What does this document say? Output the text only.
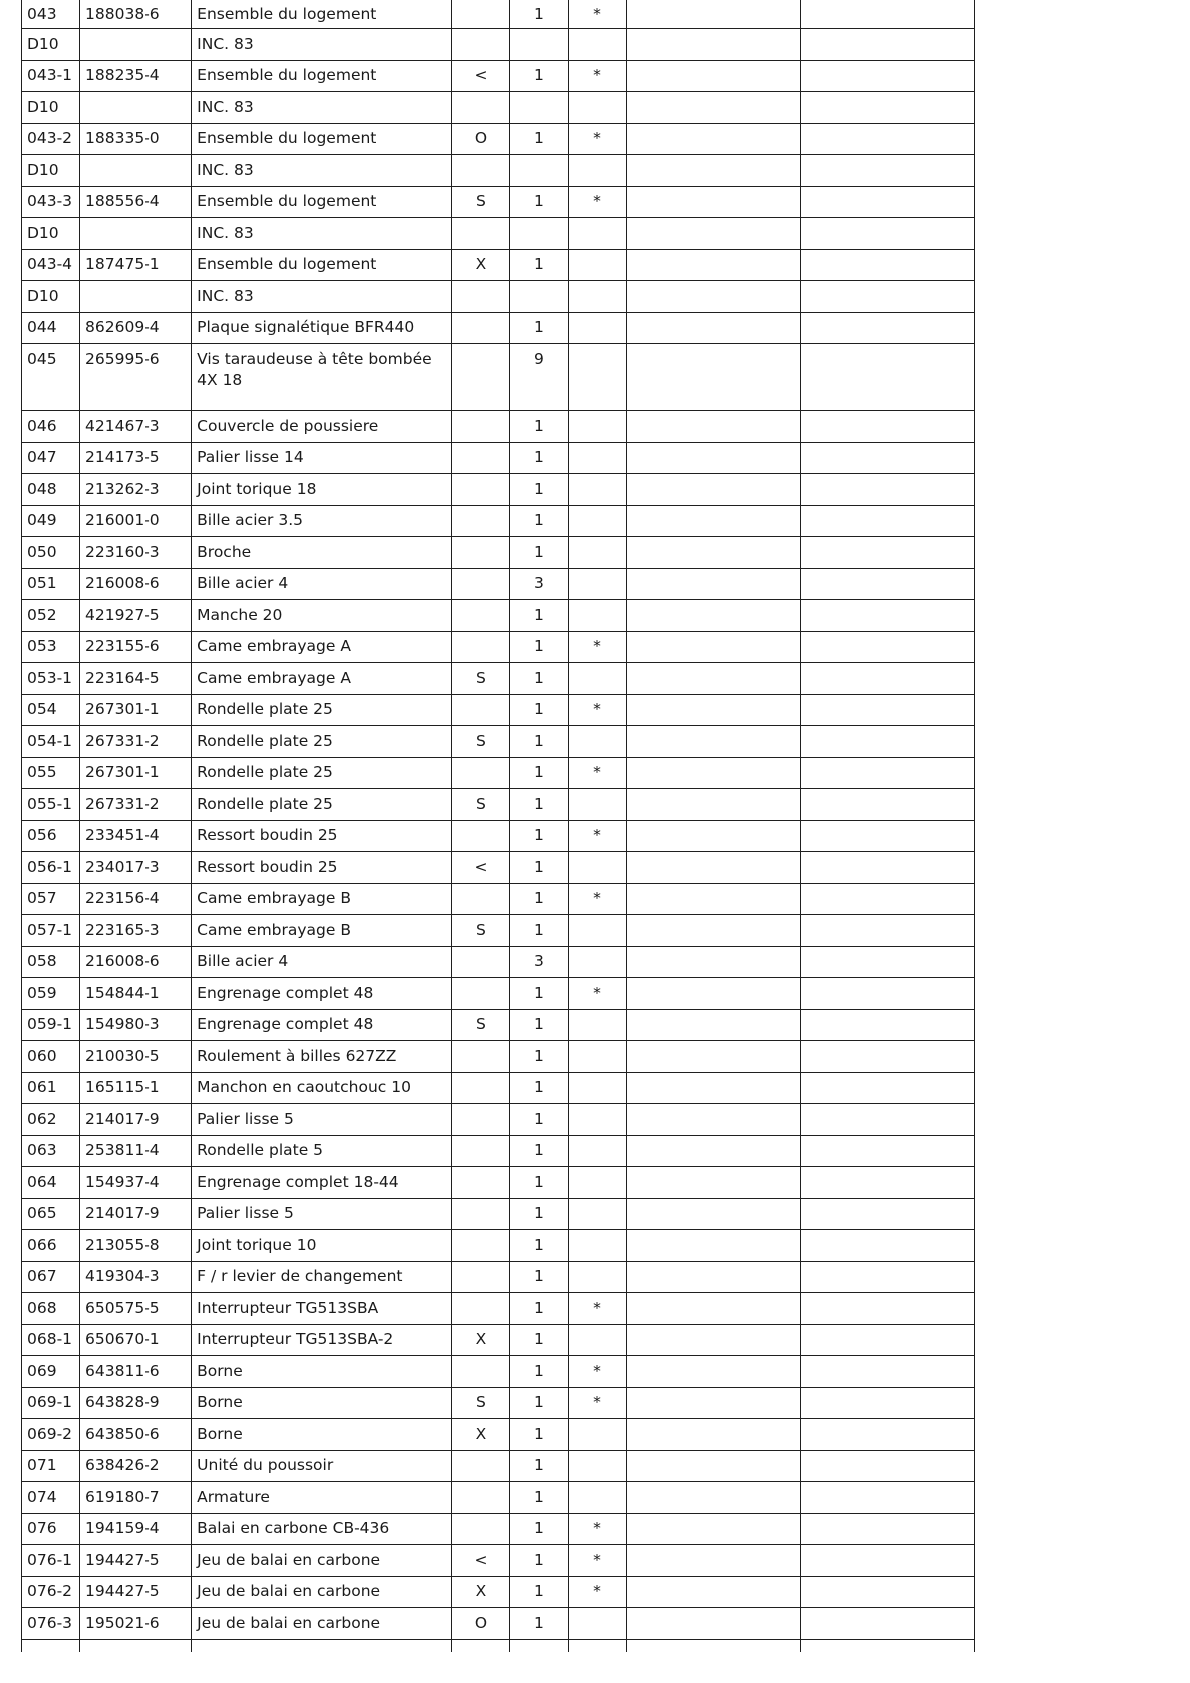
043	188038-6	Ensemble du logement		1	*		
D10		INC. 83					
043-1	188235-4	Ensemble du logement	<	1	*		
D10		INC. 83					
043-2	188335-0	Ensemble du logement	O	1	*		
D10		INC. 83					
043-3	188556-4	Ensemble du logement	S	1	*		
D10		INC. 83					
043-4	187475-1	Ensemble du logement	X	1			
D10		INC. 83					
044	862609-4	Plaque signalétique BFR440		1			
045	265995-6	Vis taraudeuse à tête bombée 4X 18		9			
046	421467-3	Couvercle de poussiere		1			
047	214173-5	Palier lisse 14		1			
048	213262-3	Joint torique 18		1			
049	216001-0	Bille acier 3.5		1			
050	223160-3	Broche		1			
051	216008-6	Bille acier 4		3			
052	421927-5	Manche 20		1			
053	223155-6	Came embrayage A		1	*		
053-1	223164-5	Came embrayage A	S	1			
054	267301-1	Rondelle plate 25		1	*		
054-1	267331-2	Rondelle plate 25	S	1			
055	267301-1	Rondelle plate 25		1	*		
055-1	267331-2	Rondelle plate 25	S	1			
056	233451-4	Ressort boudin 25		1	*		
056-1	234017-3	Ressort boudin 25	<	1			
057	223156-4	Came embrayage B		1	*		
057-1	223165-3	Came embrayage B	S	1			
058	216008-6	Bille acier 4		3			
059	154844-1	Engrenage complet 48		1	*		
059-1	154980-3	Engrenage complet 48	S	1			
060	210030-5	Roulement à billes 627ZZ		1			
061	165115-1	Manchon en caoutchouc 10		1			
062	214017-9	Palier lisse 5		1			
063	253811-4	Rondelle plate 5		1			
064	154937-4	Engrenage complet 18-44		1			
065	214017-9	Palier lisse 5		1			
066	213055-8	Joint torique 10		1			
067	419304-3	F / r levier de changement		1			
068	650575-5	Interrupteur TG513SBA		1	*		
068-1	650670-1	Interrupteur TG513SBA-2	X	1			
069	643811-6	Borne		1	*		
069-1	643828-9	Borne	S	1	*		
069-2	643850-6	Borne	X	1			
071	638426-2	Unité du poussoir		1			
074	619180-7	Armature		1			
076	194159-4	Balai en carbone CB-436		1	*		
076-1	194427-5	Jeu de balai en carbone	<	1	*		
076-2	194427-5	Jeu de balai en carbone	X	1	*		
076-3	195021-6	Jeu de balai en carbone	O	1			
